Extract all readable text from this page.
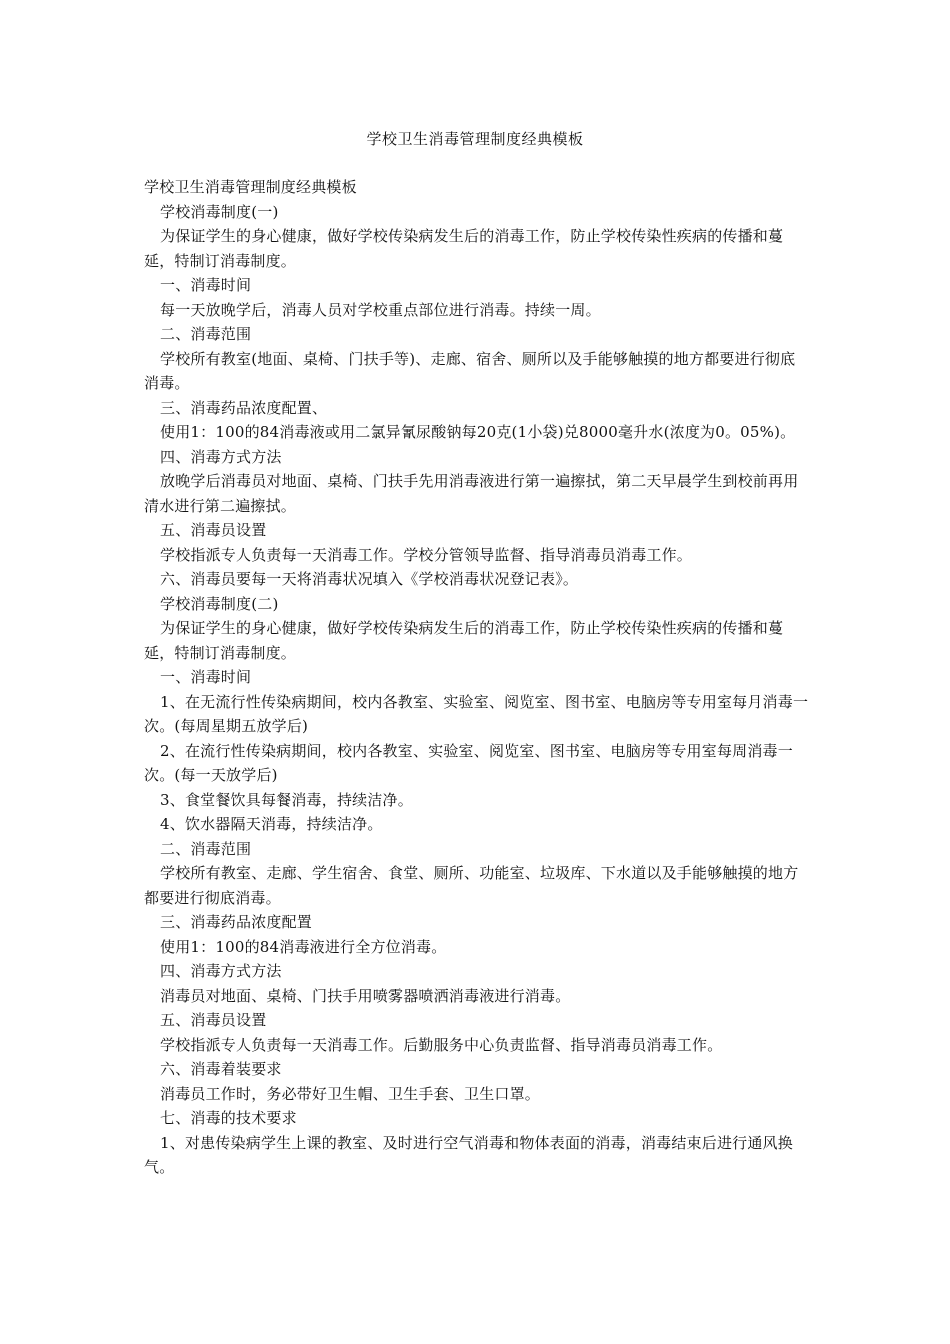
学校卫生消毒管理制度经典模板

学校卫生消毒管理制度经典模板

学校消毒制度(一)

为保证学生的身心健康，做好学校传染病发生后的消毒工作，防止学校传染性疾病的传播和蔓延，特制订消毒制度。

一、消毒时间

每一天放晚学后，消毒人员对学校重点部位进行消毒。持续一周。

二、消毒范围

学校所有教室(地面、桌椅、门扶手等)、走廊、宿舍、厕所以及手能够触摸的地方都要进行彻底消毒。

三、消毒药品浓度配置、

使用1：100的84消毒液或用二氯异氰尿酸钠每20克(1小袋)兑8000毫升水(浓度为0。05%)。

四、消毒方式方法

放晚学后消毒员对地面、桌椅、门扶手先用消毒液进行第一遍擦拭，第二天早晨学生到校前再用清水进行第二遍擦拭。

五、消毒员设置

学校指派专人负责每一天消毒工作。学校分管领导监督、指导消毒员消毒工作。

六、消毒员要每一天将消毒状况填入《学校消毒状况登记表》。

学校消毒制度(二)

为保证学生的身心健康，做好学校传染病发生后的消毒工作，防止学校传染性疾病的传播和蔓延，特制订消毒制度。

一、消毒时间

1、在无流行性传染病期间，校内各教室、实验室、阅览室、图书室、电脑房等专用室每月消毒一次。(每周星期五放学后)

2、在流行性传染病期间，校内各教室、实验室、阅览室、图书室、电脑房等专用室每周消毒一次。(每一天放学后)

3、食堂餐饮具每餐消毒，持续洁净。

4、饮水器隔天消毒，持续洁净。

二、消毒范围

学校所有教室、走廊、学生宿舍、食堂、厕所、功能室、垃圾库、下水道以及手能够触摸的地方都要进行彻底消毒。

三、消毒药品浓度配置

使用1：100的84消毒液进行全方位消毒。

四、消毒方式方法

消毒员对地面、桌椅、门扶手用喷雾器喷洒消毒液进行消毒。

五、消毒员设置

学校指派专人负责每一天消毒工作。后勤服务中心负责监督、指导消毒员消毒工作。

六、消毒着装要求

消毒员工作时，务必带好卫生帽、卫生手套、卫生口罩。

七、消毒的技术要求

1、对患传染病学生上课的教室、及时进行空气消毒和物体表面的消毒，消毒结束后进行通风换气。
